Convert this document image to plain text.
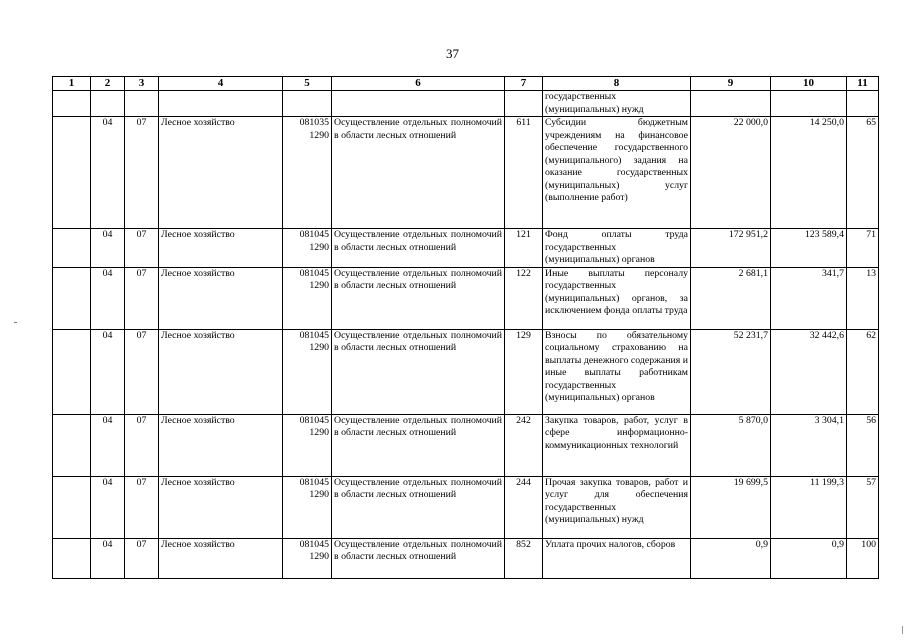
37
1	2	3	4	5	6	7	8	9	10	11
							государственных (муниципальных) нужд			
	04	07	Лесное хозяйство	081035 1290	Осуществление отдельных полномочий в области лесных отношений	611	Субсидии бюджетным учреждениям на финансовое обеспечение государственного (муниципального) задания на оказание государственных (муниципальных) услуг (выполнение работ)	22 000,0	14 250,0	65
	04	07	Лесное хозяйство	081045 1290	Осуществление отдельных полномочий в области лесных отношений	121	Фонд оплаты труда государственных (муниципальных) органов	172 951,2	123 589,4	71
	04	07	Лесное хозяйство	081045 1290	Осуществление отдельных полномочий в области лесных отношений	122	Иные выплаты персоналу государственных (муниципальных) органов, за исключением фонда оплаты труда	2 681,1	341,7	13
	04	07	Лесное хозяйство	081045 1290	Осуществление отдельных полномочий в области лесных отношений	129	Взносы по обязательному социальному страхованию на выплаты денежного содержания и иные выплаты работникам государственных (муниципальных) органов	52 231,7	32 442,6	62
	04	07	Лесное хозяйство	081045 1290	Осуществление отдельных полномочий в области лесных отношений	242	Закупка товаров, работ, услуг в сфере информационно-коммуникационных технологий	5 870,0	3 304,1	56
	04	07	Лесное хозяйство	081045 1290	Осуществление отдельных полномочий в области лесных отношений	244	Прочая закупка товаров, работ и услуг для обеспечения государственных (муниципальных) нужд	19 699,5	11 199,3	57
	04	07	Лесное хозяйство	081045 1290	Осуществление отдельных полномочий в области лесных отношений	852	Уплата прочих налогов, сборов	0,9	0,9	100
